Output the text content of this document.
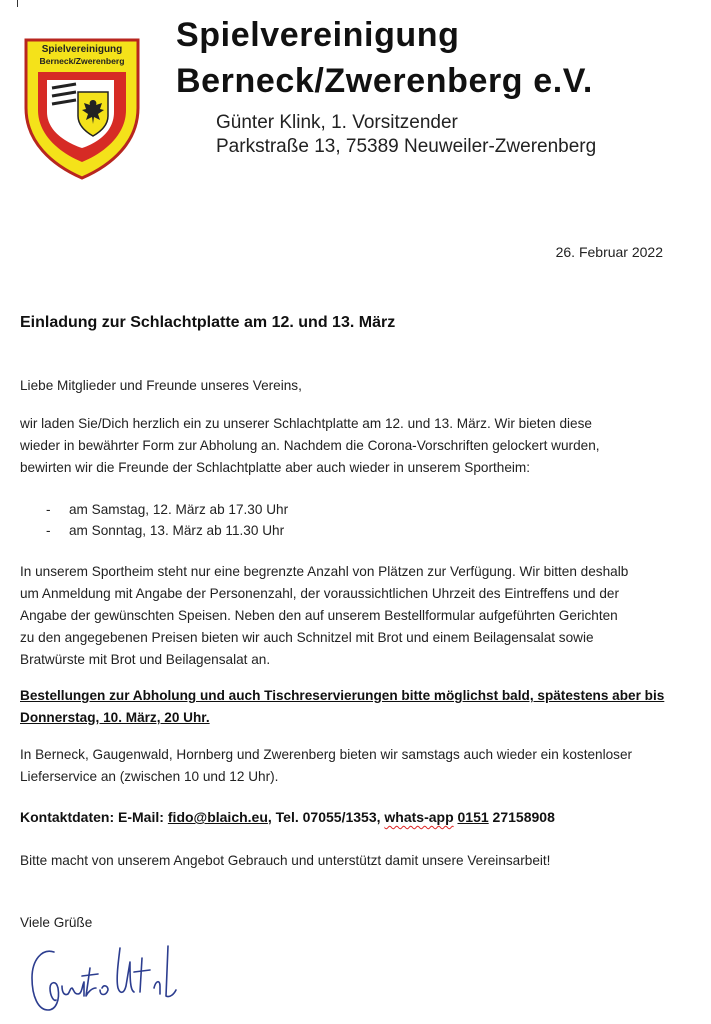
Spielvereinigung
Berneck/Zwerenberg
Spielvereinigung
Berneck/Zwerenberg e.V.
Günter Klink, 1. Vorsitzender
Parkstraße 13, 75389 Neuweiler-Zwerenberg
26. Februar 2022
Einladung zur Schlachtplatte am 12. und 13. März
Liebe Mitglieder und Freunde unseres Vereins,
wir laden Sie/Dich herzlich ein zu unserer Schlachtplatte am 12. und 13. März. Wir bieten diese
wieder in bewährter Form zur Abholung an. Nachdem die Corona-Vorschriften gelockert wurden,
bewirten wir die Freunde der Schlachtplatte aber auch wieder in unserem Sportheim:
-	am Samstag, 12. März ab 17.30 Uhr
-	am Sonntag, 13. März ab 11.30 Uhr
In unserem Sportheim steht nur eine begrenzte Anzahl von Plätzen zur Verfügung. Wir bitten deshalb
um Anmeldung mit Angabe der Personenzahl, der voraussichtlichen Uhrzeit des Eintreffens und der
Angabe der gewünschten Speisen. Neben den auf unserem Bestellformular aufgeführten Gerichten
zu den angegebenen Preisen bieten wir auch Schnitzel mit Brot und einem Beilagensalat sowie
Bratwürste mit Brot und Beilagensalat an.
Bestellungen zur Abholung und auch Tischreservierungen bitte möglichst bald, spätestens aber bis
Donnerstag, 10. März, 20 Uhr.
In Berneck, Gaugenwald, Hornberg und Zwerenberg bieten wir samstags auch wieder ein kostenloser
Lieferservice an (zwischen 10 und 12 Uhr).
Kontaktdaten: E-Mail: fido@blaich.eu, Tel. 07055/1353, whats-app 0151 27158908
Bitte macht von unserem Angebot Gebrauch und unterstützt damit unsere Vereinsarbeit!
Viele Grüße
